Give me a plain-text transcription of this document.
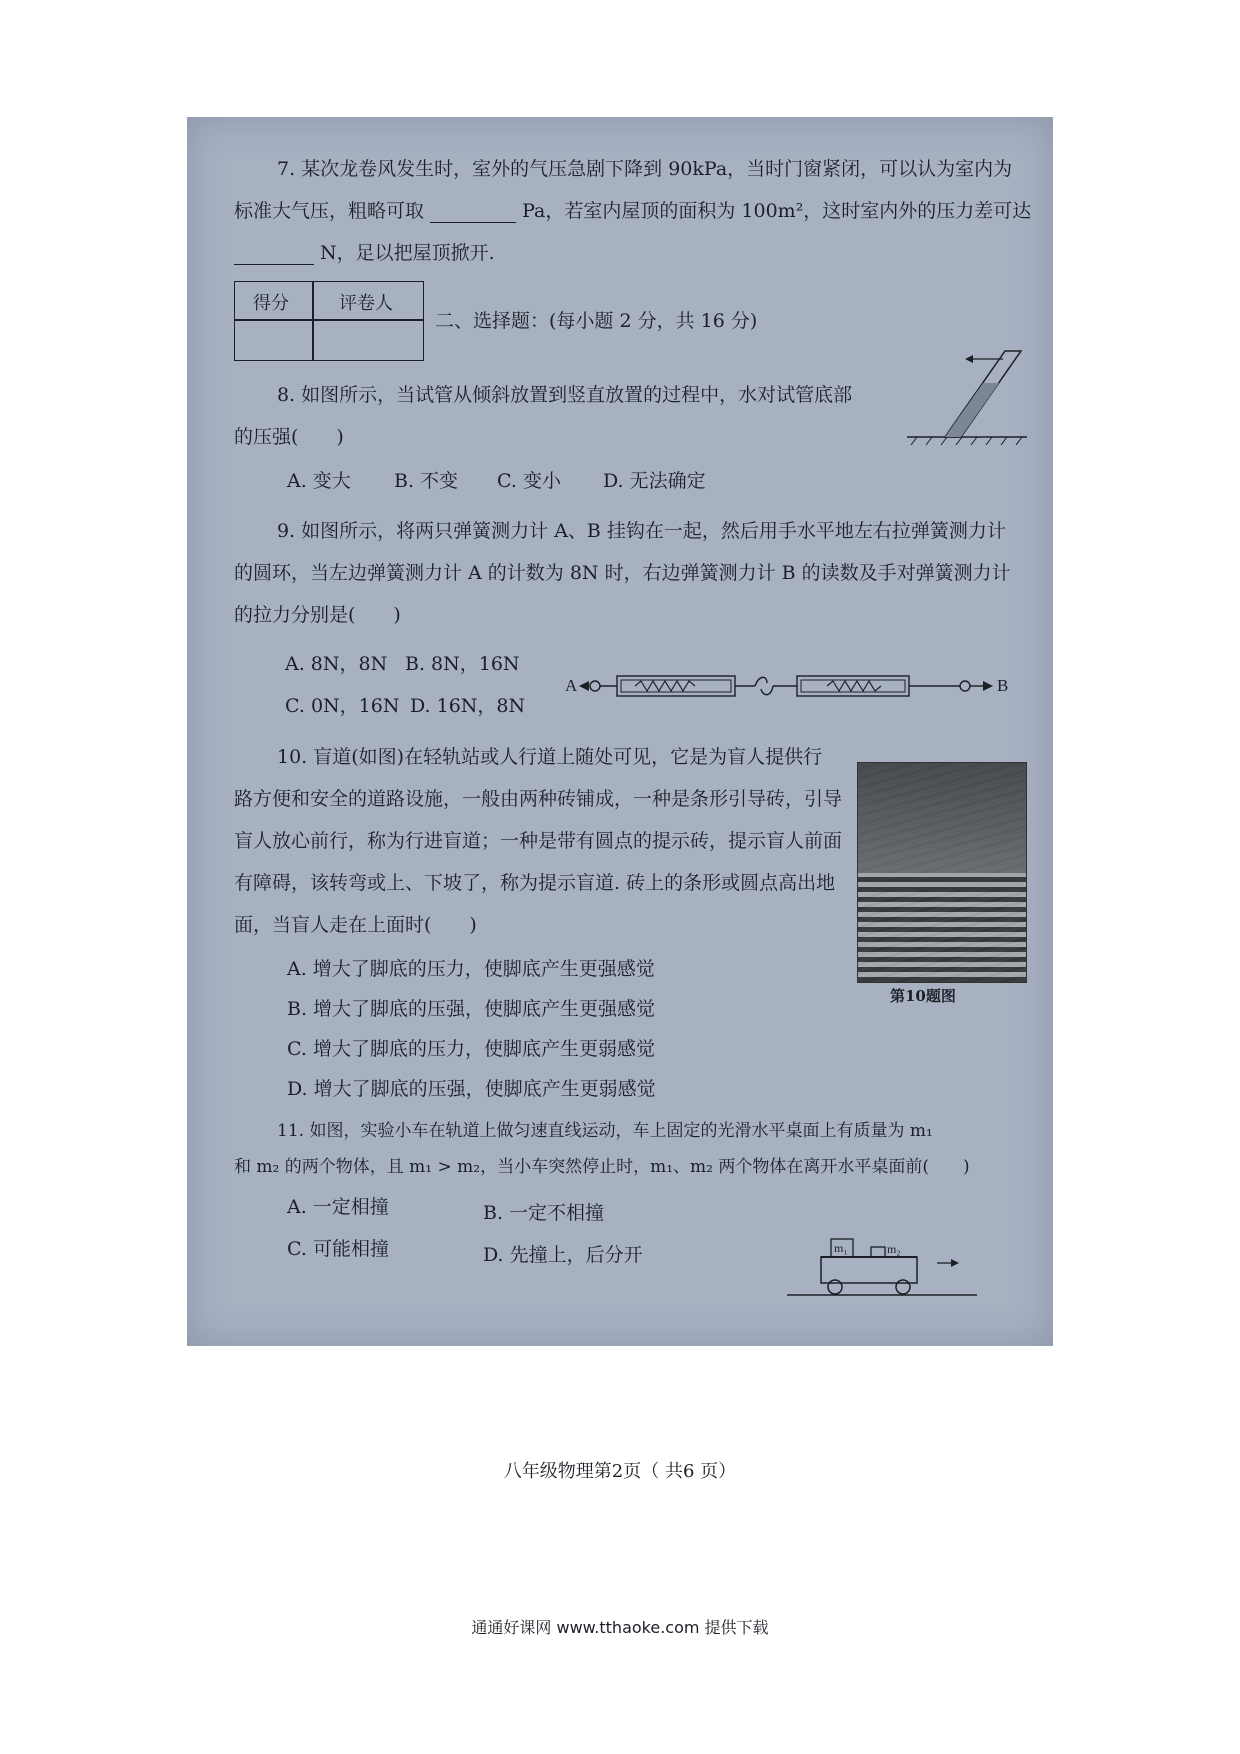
7. 某次龙卷风发生时，室外的气压急剧下降到 90kPa，当时门窗紧闭，可以认为室内为
标准大气压，粗略可取	Pa，若室内屋顶的面积为 100m²，这时室内外的压力差可达
N，足以把屋顶掀开.
得分	评卷人
二、选择题：(每小题 2 分，共 16 分)
8. 如图所示，当试管从倾斜放置到竖直放置的过程中，水对试管底部
的压强(　　)
A. 变大 B. 不变 C. 变小 D. 无法确定
9. 如图所示，将两只弹簧测力计 A、B 挂钩在一起，然后用手水平地左右拉弹簧测力计
的圆环，当左边弹簧测力计 A 的计数为 8N 时，右边弹簧测力计 B 的读数及手对弹簧测力计
的拉力分别是(　　)
A. 8N，8N B. 8N，16N
C. 0N，16N D. 16N，8N
A	B
10. 盲道(如图)在轻轨站或人行道上随处可见，它是为盲人提供行
路方便和安全的道路设施，一般由两种砖铺成，一种是条形引导砖，引导
盲人放心前行，称为行进盲道；一种是带有圆点的提示砖，提示盲人前面
有障碍，该转弯或上、下坡了，称为提示盲道. 砖上的条形或圆点高出地
面，当盲人走在上面时(　　)
A. 增大了脚底的压力，使脚底产生更强感觉
B. 增大了脚底的压强，使脚底产生更强感觉
C. 增大了脚底的压力，使脚底产生更弱感觉
D. 增大了脚底的压强，使脚底产生更弱感觉
第10题图
11. 如图，实验小车在轨道上做匀速直线运动，车上固定的光滑水平桌面上有质量为 m₁
和 m₂ 的两个物体，且 m₁ > m₂，当小车突然停止时，m₁、m₂ 两个物体在离开水平桌面前(　　)
A. 一定相撞	B. 一定不相撞
C. 可能相撞	D. 先撞上，后分开	m₁	m₂
八年级物理第2页（ 共6 页）
通通好课网 www.tthaoke.com 提供下载
